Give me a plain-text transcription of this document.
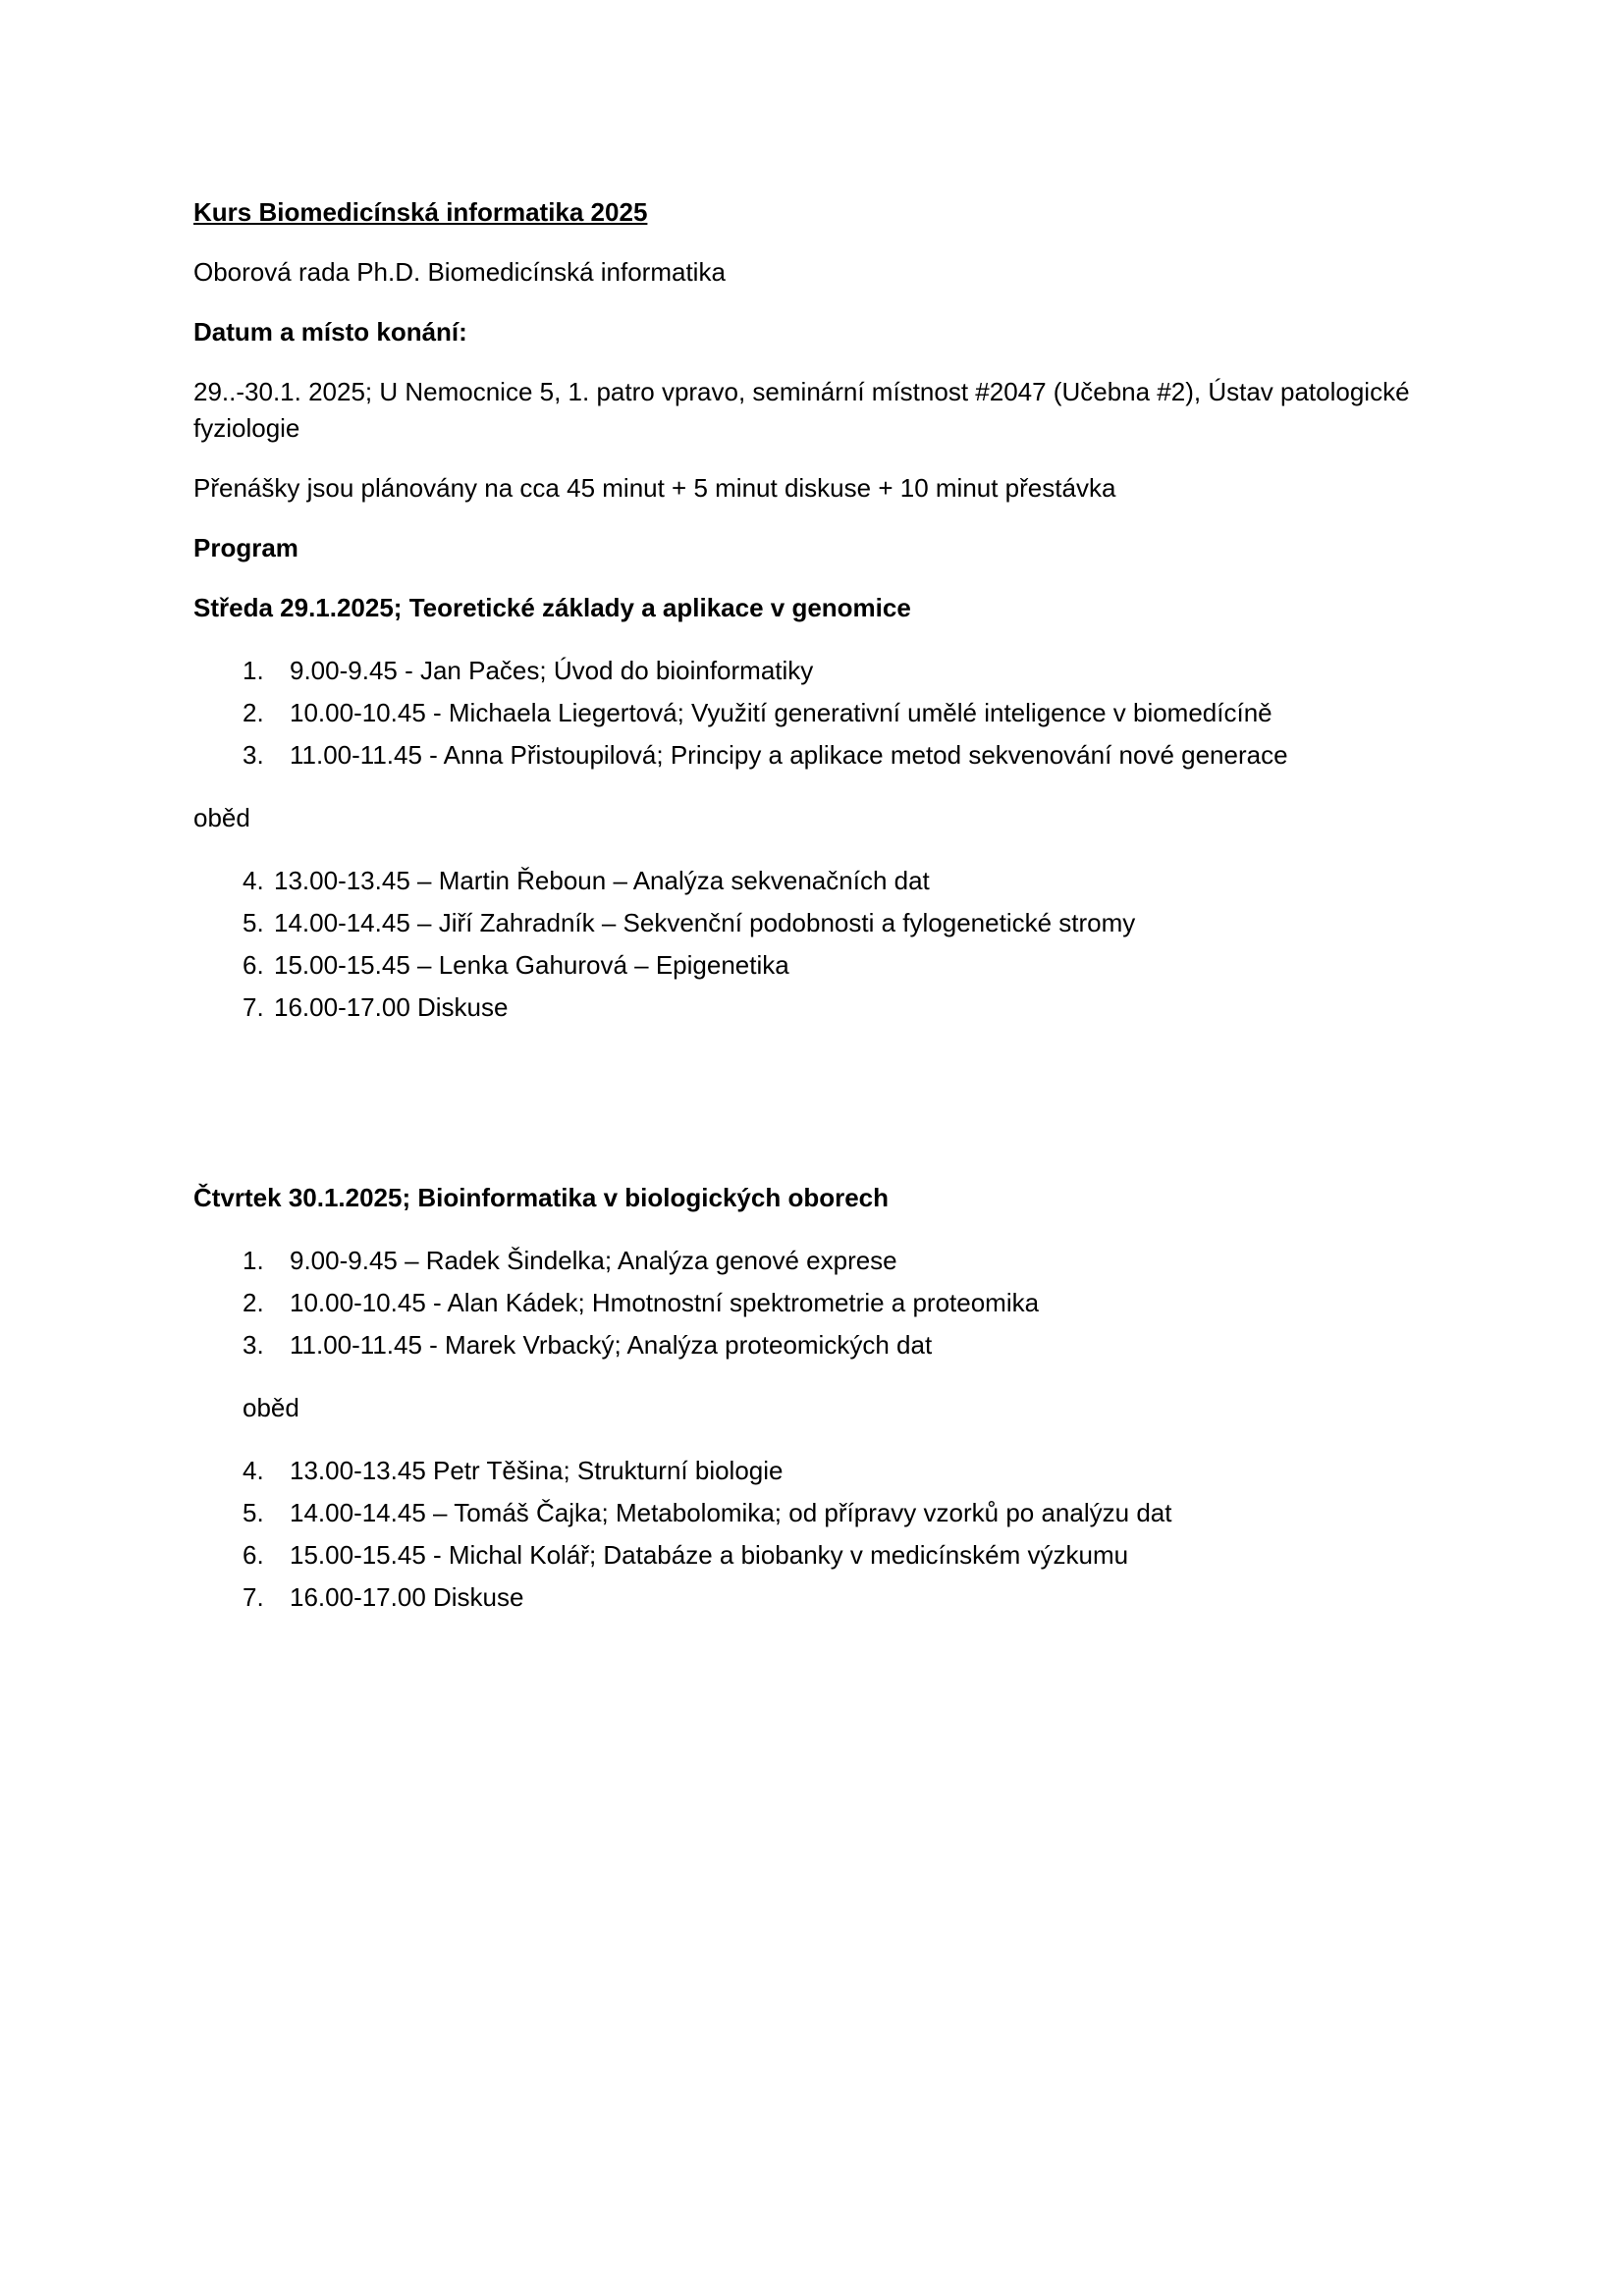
Kurs Biomedicínská informatika 2025
Oborová rada Ph.D. Biomedicínská informatika
Datum a místo konání:
29..-30.1. 2025; U Nemocnice 5, 1. patro vpravo, seminární místnost #2047 (Učebna #2), Ústav patologické fyziologie
Přenášky jsou plánovány na cca 45 minut + 5 minut diskuse + 10 minut přestávka
Program
Středa 29.1.2025; Teoretické základy a aplikace v genomice
1. 9.00-9.45 - Jan Pačes; Úvod do bioinformatiky
2. 10.00-10.45 - Michaela Liegertová; Využití generativní umělé inteligence v biomedícíně
3. 11.00-11.45 - Anna Přistoupilová; Principy a aplikace metod sekvenování nové generace
oběd
4. 13.00-13.45 – Martin Řeboun – Analýza sekvenačních dat
5. 14.00-14.45 – Jiří Zahradník – Sekvenční podobnosti a fylogenetické stromy
6. 15.00-15.45 – Lenka Gahurová – Epigenetika
7. 16.00-17.00 Diskuse
Čtvrtek 30.1.2025; Bioinformatika v biologických oborech
1. 9.00-9.45 – Radek Šindelka; Analýza genové exprese
2. 10.00-10.45 - Alan Kádek; Hmotnostní spektrometrie a proteomika
3. 11.00-11.45 - Marek Vrbacký; Analýza proteomických dat
oběd
4. 13.00-13.45 Petr Těšina; Strukturní biologie
5. 14.00-14.45 – Tomáš Čajka; Metabolomika; od přípravy vzorků po analýzu dat
6. 15.00-15.45 - Michal Kolář; Databáze a biobanky v medicínském výzkumu
7. 16.00-17.00 Diskuse
